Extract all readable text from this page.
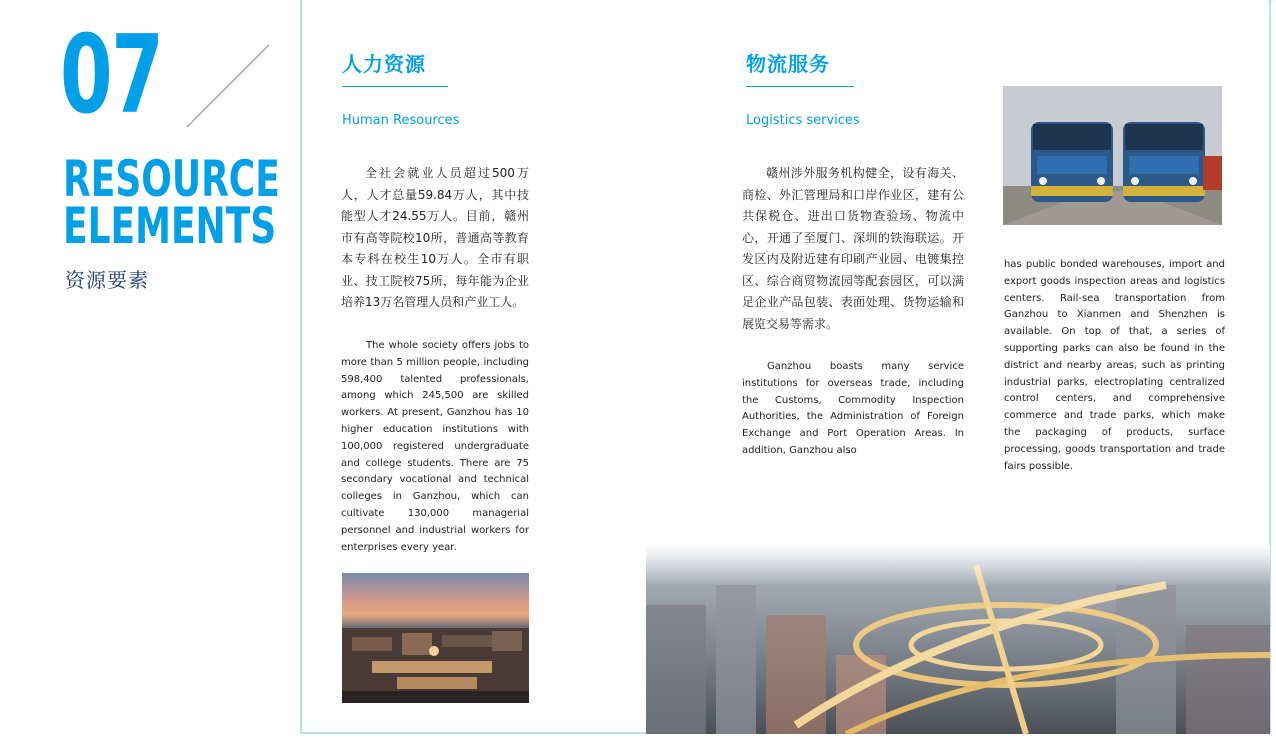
07
RESOURCE
ELEMENTS
资源要素
人力资源
Human Resources
全社会就业人员超过500万人，人才总量59.84万人，其中技能型人才24.55万人。目前，赣州市有高等院校10所，普通高等教育本专科在校生10万人。全市有职业、技工院校75所，每年能为企业培养13万名管理人员和产业工人。
The whole society offers jobs to more than 5 million people, including 598,400 talented professionals, among which 245,500 are skilled workers. At present, Ganzhou has 10 higher education institutions with 100,000 registered undergraduate and college students. There are 75 secondary vocational and technical colleges in Ganzhou, which can cultivate 130,000 managerial personnel and industrial workers for enterprises every year.
物流服务
Logistics services
赣州涉外服务机构健全，设有海关、商检、外汇管理局和口岸作业区，建有公共保税仓、进出口货物查验场、物流中心，开通了至厦门、深圳的铁海联运。开发区内及附近建有印刷产业园、电镀集控区、综合商贸物流园等配套园区，可以满足企业产品包装、表面处理、货物运输和展览交易等需求。
Ganzhou boasts many service institutions for overseas trade, including the Customs, Commodity Inspection Authorities, the Administration of Foreign Exchange and Port Operation Areas. In addition, Ganzhou also
has public bonded warehouses, import and export goods inspection areas and logistics centers. Rail-sea transportation from Ganzhou to Xianmen and Shenzhen is available. On top of that, a series of supporting parks can also be found in the district and nearby areas, such as printing industrial parks, electroplating centralized control centers, and comprehensive commerce and trade parks, which make the packaging of products, surface processing, goods transportation and trade fairs possible.
